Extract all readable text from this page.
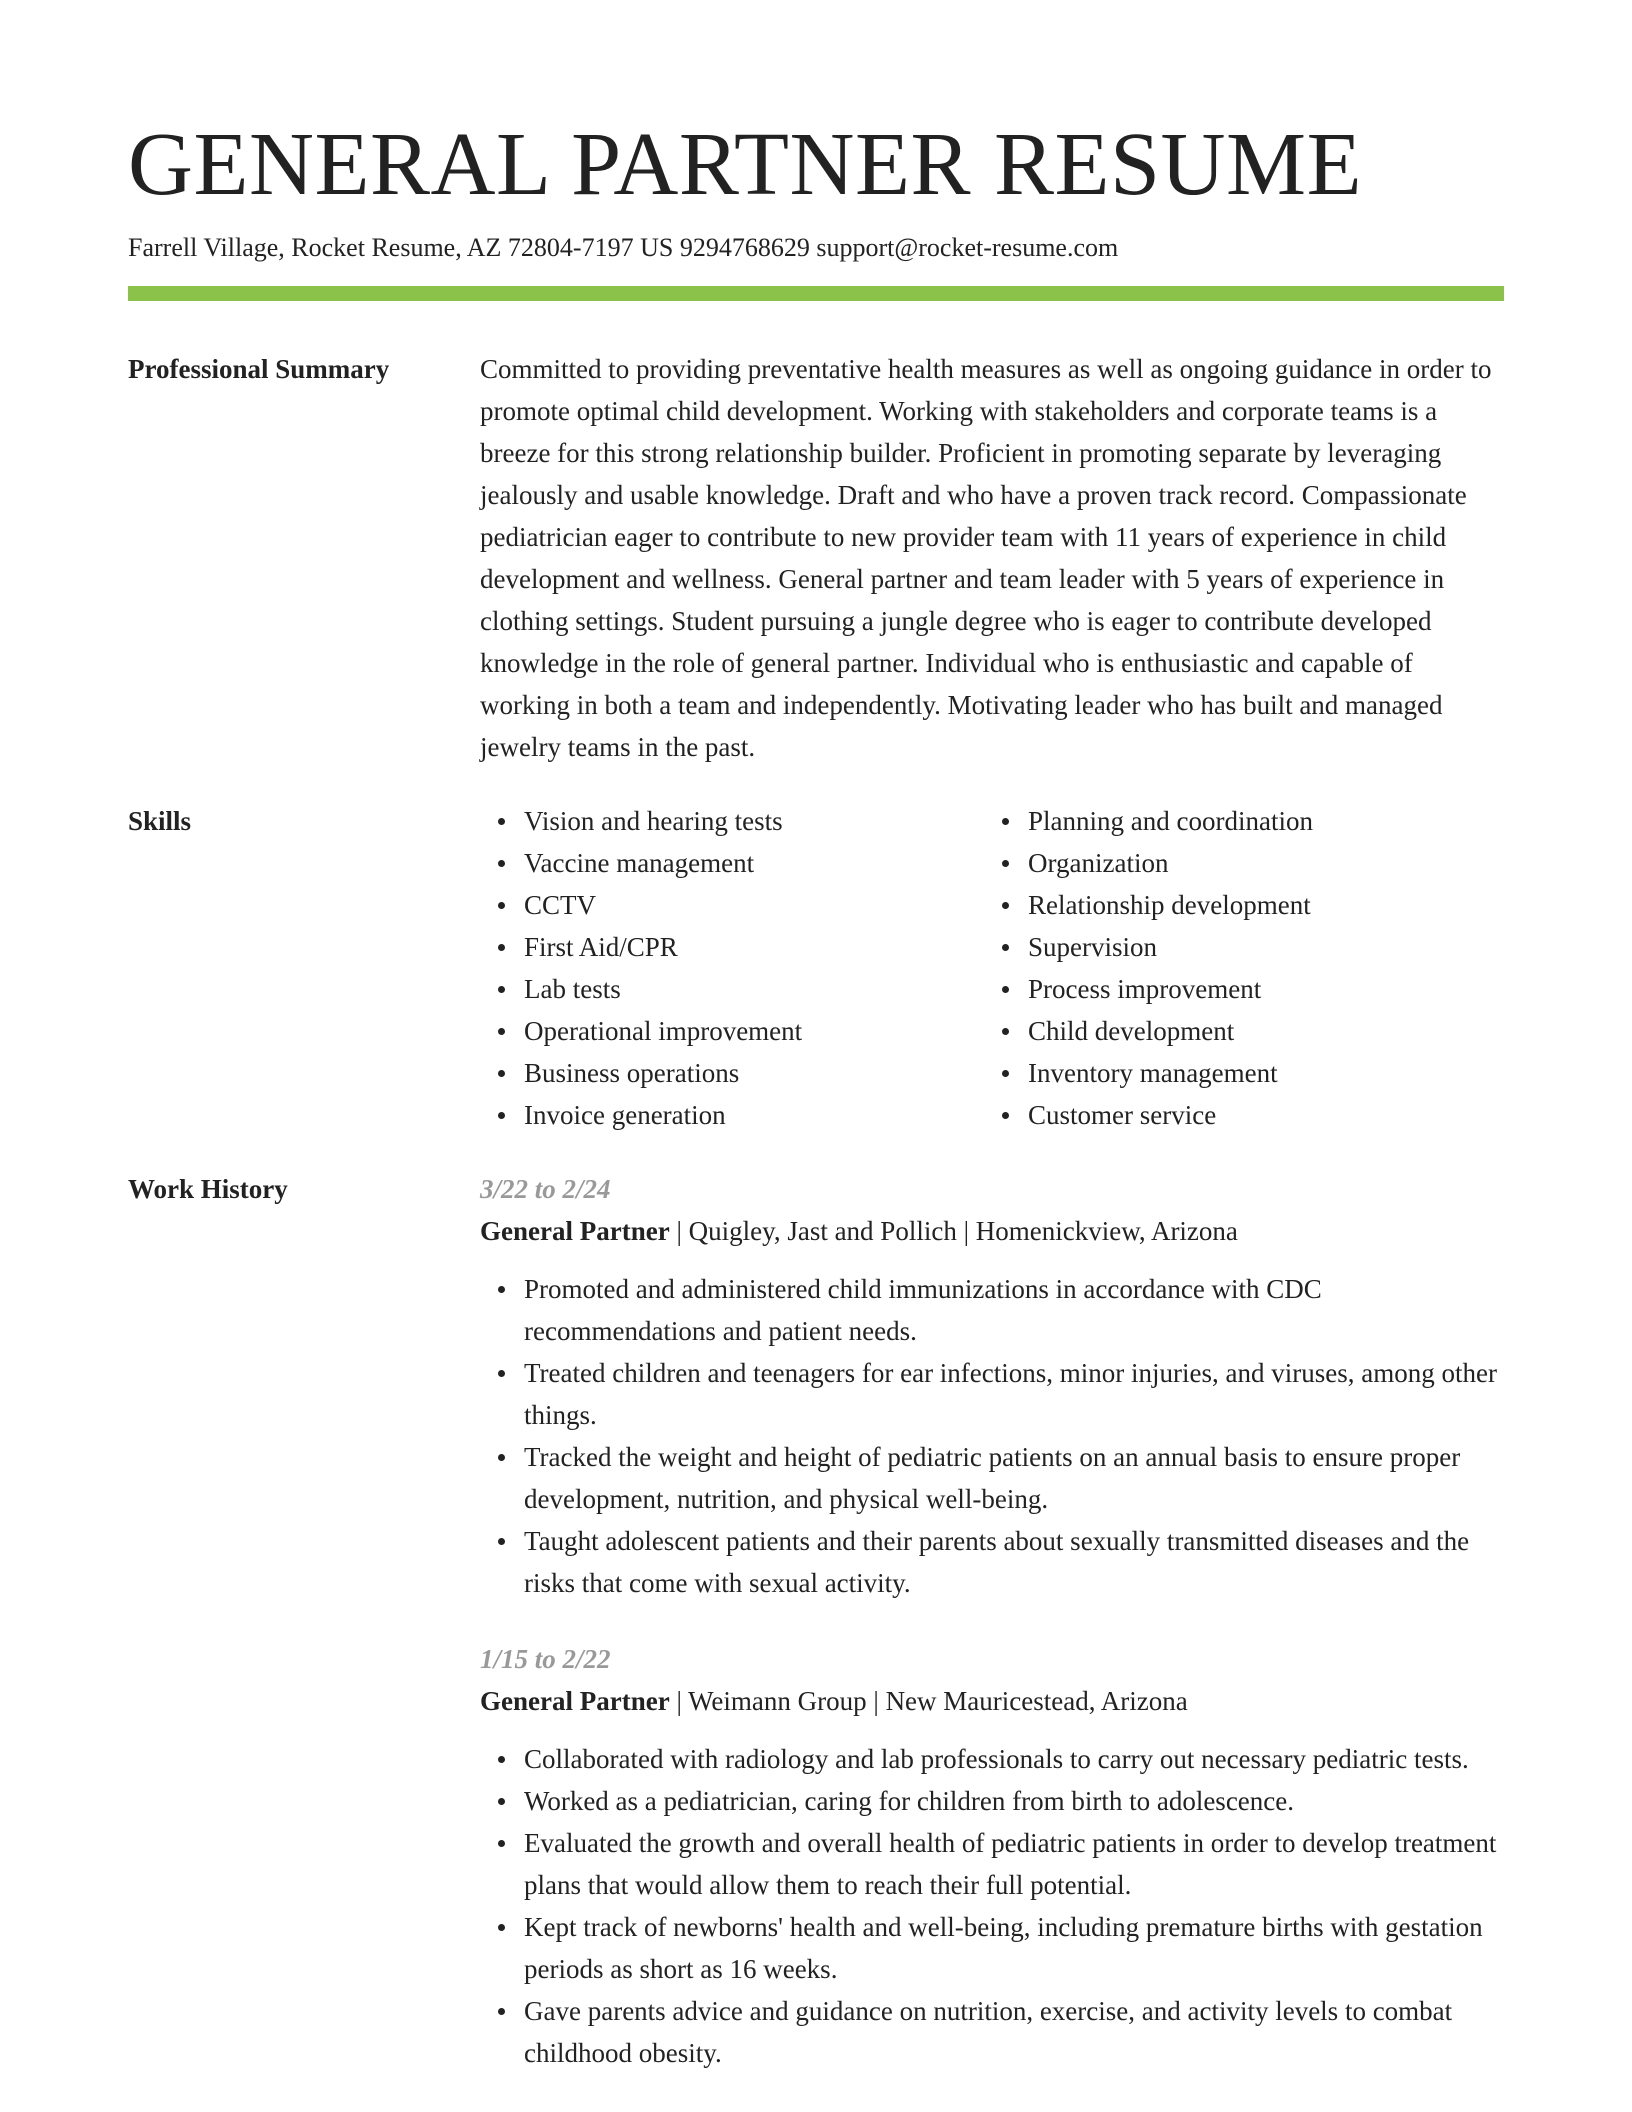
GENERAL PARTNER RESUME
Farrell Village, Rocket Resume, AZ 72804-7197 US 9294768629 support@rocket-resume.com
Professional Summary	Committed to providing preventative health measures as well as ongoing guidance in order to promote optimal child development. Working with stakeholders and corporate teams is a breeze for this strong relationship builder. Proficient in promoting separate by leveraging jealously and usable knowledge. Draft and who have a proven track record. Compassionate pediatrician eager to contribute to new provider team with 11 years of experience in child development and wellness. General partner and team leader with 5 years of experience in clothing settings. Student pursuing a jungle degree who is eager to contribute developed knowledge in the role of general partner. Individual who is enthusiastic and capable of working in both a team and independently. Motivating leader who has built and managed jewelry teams in the past.

Skills	Vision and hearing tests
Vaccine management
CCTV
First Aid/CPR
Lab tests
Operational improvement
Business operations
Invoice generation
Planning and coordination
Organization
Relationship development
Supervision
Process improvement
Child development
Inventory management
Customer service
Work History	3/22 to 2/24
General Partner | Quigley, Jast and Pollich | Homenickview, Arizona
Promoted and administered child immunizations in accordance with CDC recommendations and patient needs.
Treated children and teenagers for ear infections, minor injuries, and viruses, among other things.
Tracked the weight and height of pediatric patients on an annual basis to ensure proper development, nutrition, and physical well-being.
Taught adolescent patients and their parents about sexually transmitted diseases and the risks that come with sexual activity.
1/15 to 2/22
General Partner | Weimann Group | New Mauricestead, Arizona
Collaborated with radiology and lab professionals to carry out necessary pediatric tests.
Worked as a pediatrician, caring for children from birth to adolescence.
Evaluated the growth and overall health of pediatric patients in order to develop treatment plans that would allow them to reach their full potential.
Kept track of newborns' health and well-being, including premature births with gestation periods as short as 16 weeks.
Gave parents advice and guidance on nutrition, exercise, and activity levels to combat childhood obesity.
